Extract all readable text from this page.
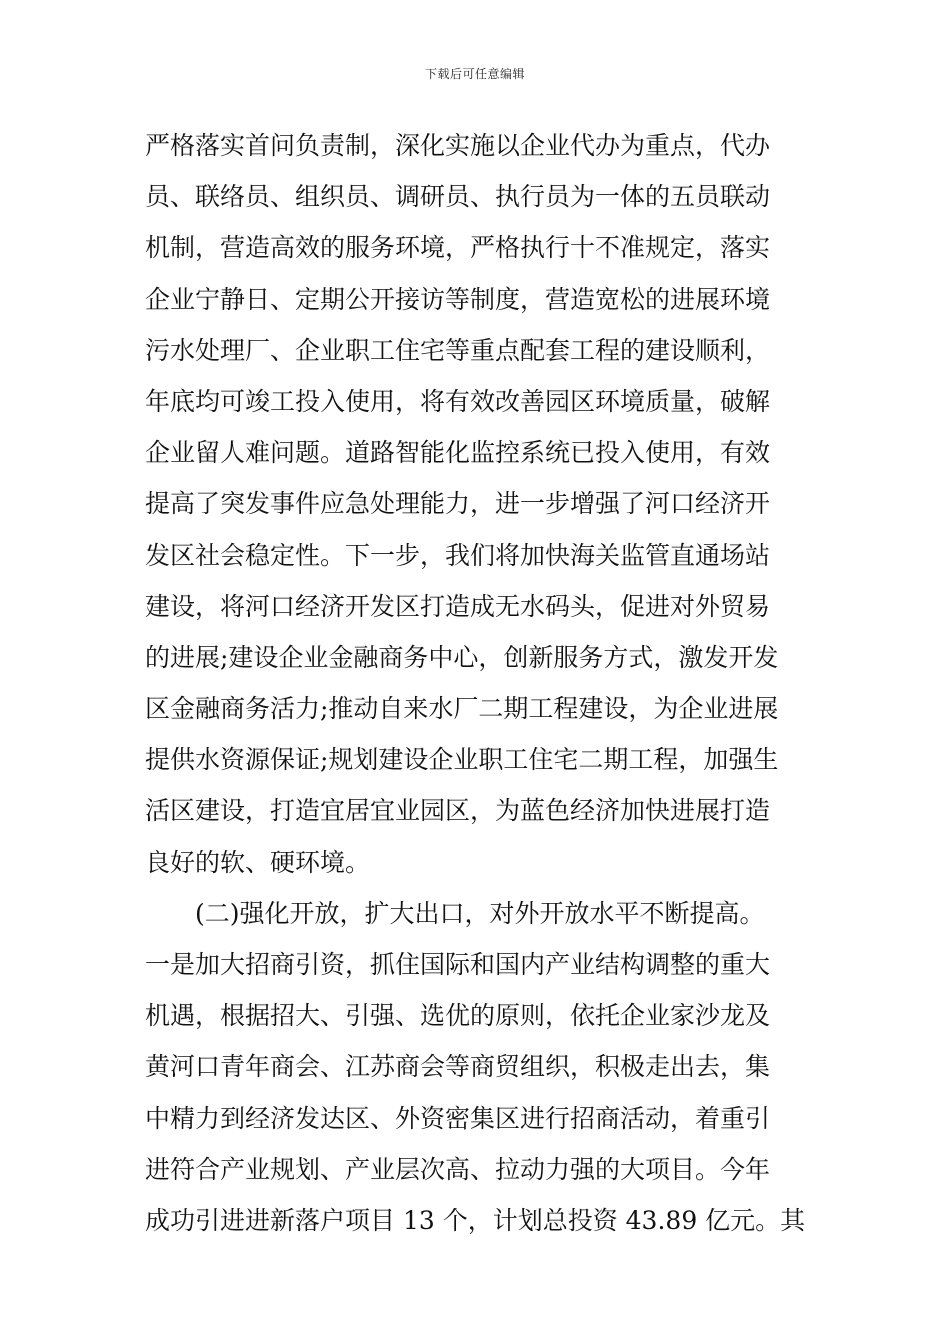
下载后可任意编辑
严格落实首问负责制，深化实施以企业代办为重点，代办
员、联络员、组织员、调研员、执行员为一体的五员联动
机制，营造高效的服务环境，严格执行十不准规定，落实
企业宁静日、定期公开接访等制度，营造宽松的进展环境
污水处理厂、企业职工住宅等重点配套工程的建设顺利，
年底均可竣工投入使用，将有效改善园区环境质量，破解
企业留人难问题。道路智能化监控系统已投入使用，有效
提高了突发事件应急处理能力，进一步增强了河口经济开
发区社会稳定性。下一步，我们将加快海关监管直通场站
建设，将河口经济开发区打造成无水码头，促进对外贸易
的进展;建设企业金融商务中心，创新服务方式，激发开发
区金融商务活力;推动自来水厂二期工程建设，为企业进展
提供水资源保证;规划建设企业职工住宅二期工程，加强生
活区建设，打造宜居宜业园区，为蓝色经济加快进展打造
良好的软、硬环境。
(二)强化开放，扩大出口，对外开放水平不断提高。
一是加大招商引资，抓住国际和国内产业结构调整的重大
机遇，根据招大、引强、选优的原则，依托企业家沙龙及
黄河口青年商会、江苏商会等商贸组织，积极走出去，集
中精力到经济发达区、外资密集区进行招商活动，着重引
进符合产业规划、产业层次高、拉动力强的大项目。今年
成功引进进新落户项目 13 个，计划总投资 43.89 亿元。其
